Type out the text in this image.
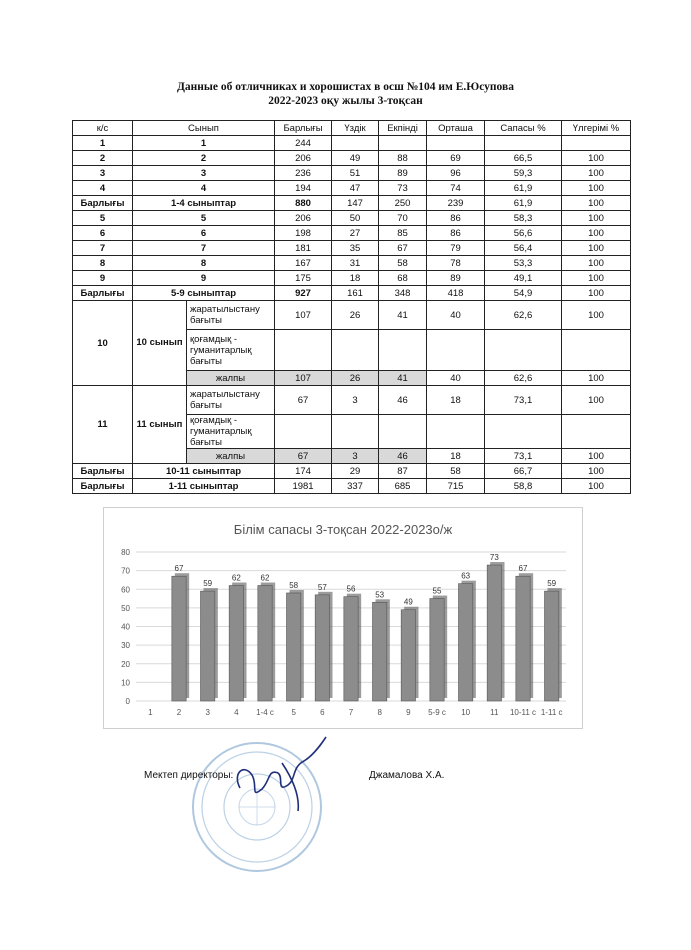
Данные об отличниках и хорошистах в осш №104 им Е.Юсупова
2022-2023 оқу жылы 3-тоқсан
к/с	Сынып		Барлығы	Үздік	Екпінді	Орташа	Сапасы %	Үлгерімі %
1	1		244					
2	2		206	49	88	69	66,5	100
3	3		236	51	89	96	59,3	100
4	4		194	47	73	74	61,9	100
Барлығы	1-4 сыныптар		880	147	250	239	61,9	100
5	5		206	50	70	86	58,3	100
6	6		198	27	85	86	56,6	100
7	7		181	35	67	79	56,4	100
8	8		167	31	58	78	53,3	100
9	9		175	18	68	89	49,1	100
Барлығы	5-9 сыныптар		927	161	348	418	54,9	100
10	10 сынып	жаратылыстану бағыты	107	26	41	40	62,6	100
		қоғамдық - гуманитарлық бағыты						
		жалпы	107	26	41	40	62,6	100
11	11 сынып	жаратылыстану бағыты	67	3	46	18	73,1	100
		қоғамдық - гуманитарлық бағыты						
		жалпы	67	3	46	18	73,1	100
Барлығы	10-11 сыныптар		174	29	87	58	66,7	100
Барлығы	1-11 сыныптар		1981	337	685	715	58,8	100
Білім сапасы 3-тоқсан 2022-2023о/ж
0
10
20
30
40
50
60
70
80
1
67
2
59
3
62
4
62
1-4 с
58
5
57
6
56
7
53
8
49
9
55
5-9 с
63
10
73
11
67
10-11 с
59
1-11 с
Мектеп директоры:	Джамалова Х.А.
